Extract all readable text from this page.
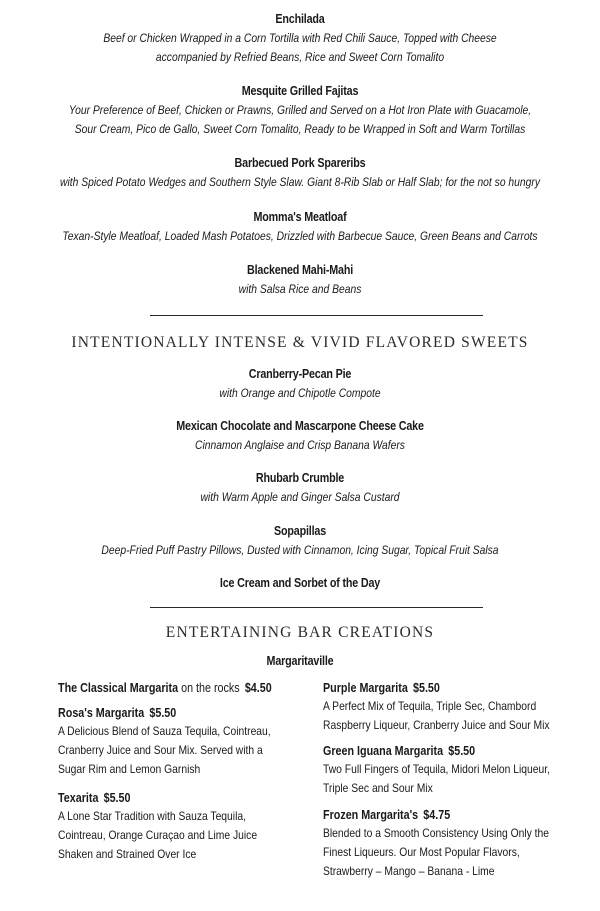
Enchilada
Beef or Chicken Wrapped in a Corn Tortilla with Red Chili Sauce, Topped with Cheese
accompanied by Refried Beans, Rice and Sweet Corn Tomalito
Mesquite Grilled Fajitas
Your Preference of Beef, Chicken or Prawns, Grilled and Served on a Hot Iron Plate with Guacamole,
Sour Cream, Pico de Gallo, Sweet Corn Tomalito, Ready to be Wrapped in Soft and Warm Tortillas
Barbecued Pork Spareribs
with Spiced Potato Wedges and Southern Style Slaw. Giant 8-Rib Slab or Half Slab; for the not so hungry
Momma's Meatloaf
Texan-Style Meatloaf, Loaded Mash Potatoes, Drizzled with Barbecue Sauce, Green Beans and Carrots
Blackened Mahi-Mahi
with Salsa Rice and Beans
INTENTIONALLY INTENSE & VIVID FLAVORED SWEETS
Cranberry-Pecan Pie
with Orange and Chipotle Compote
Mexican Chocolate and Mascarpone Cheese Cake
Cinnamon Anglaise and Crisp Banana Wafers
Rhubarb Crumble
with Warm Apple and Ginger Salsa Custard
Sopapillas
Deep-Fried Puff Pastry Pillows, Dusted with Cinnamon, Icing Sugar, Topical Fruit Salsa
Ice Cream and Sorbet of the Day
ENTERTAINING BAR CREATIONS
Margaritaville
The Classical Margarita on the rocks $4.50
Rosa's Margarita $5.50
A Delicious Blend of Sauza Tequila, Cointreau,
Cranberry Juice and Sour Mix. Served with a
Sugar Rim and Lemon Garnish
Texarita $5.50
A Lone Star Tradition with Sauza Tequila,
Cointreau, Orange Curaçao and Lime Juice
Shaken and Strained Over Ice
Purple Margarita $5.50
A Perfect Mix of Tequila, Triple Sec, Chambord
Raspberry Liqueur, Cranberry Juice and Sour Mix
Green Iguana Margarita $5.50
Two Full Fingers of Tequila, Midori Melon Liqueur,
Triple Sec and Sour Mix
Frozen Margarita's $4.75
Blended to a Smooth Consistency Using Only the
Finest Liqueurs. Our Most Popular Flavors,
Strawberry – Mango – Banana - Lime
